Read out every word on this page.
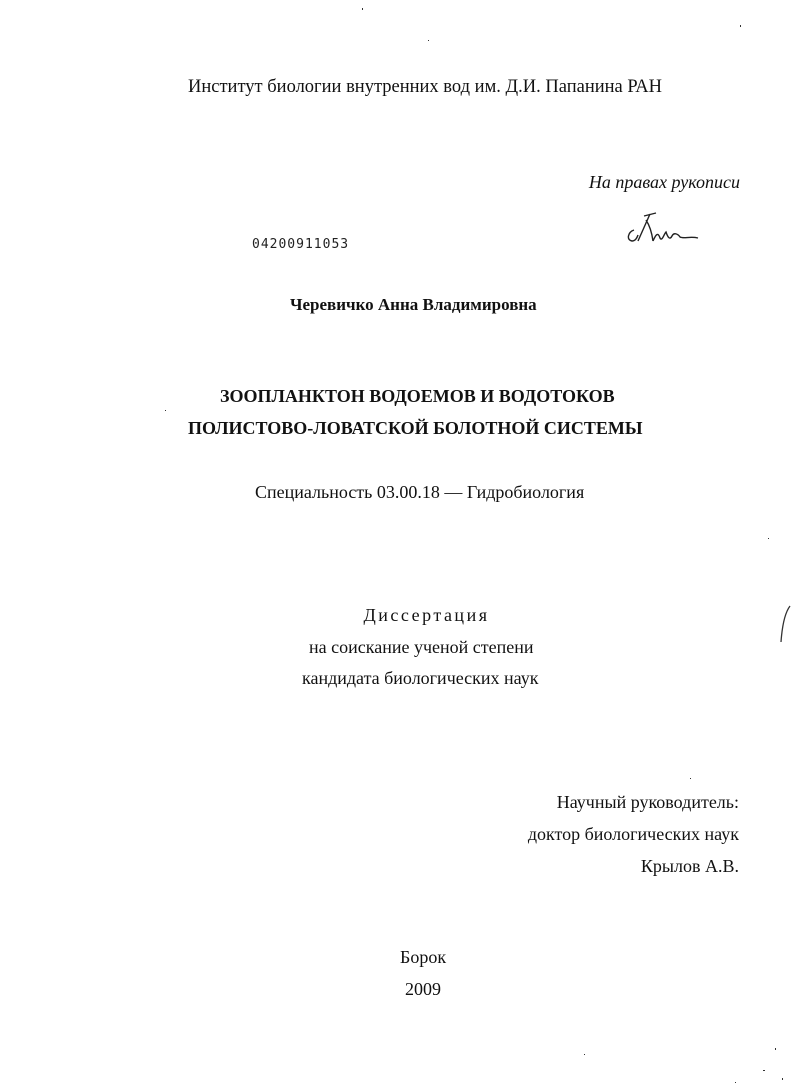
Институт биологии внутренних вод им. Д.И. Папанина РАН
На правах рукописи
04200911053
Черевичко Анна Владимировна
ЗООПЛАНКТОН ВОДОЕМОВ И ВОДОТОКОВ
ПОЛИСТОВО-ЛОВАТСКОЙ БОЛОТНОЙ СИСТЕМЫ
Специальность 03.00.18 — Гидробиология
Диссертация
на соискание ученой степени
кандидата биологических наук
Научный руководитель:
доктор биологических наук
Крылов А.В.
Борок
2009
